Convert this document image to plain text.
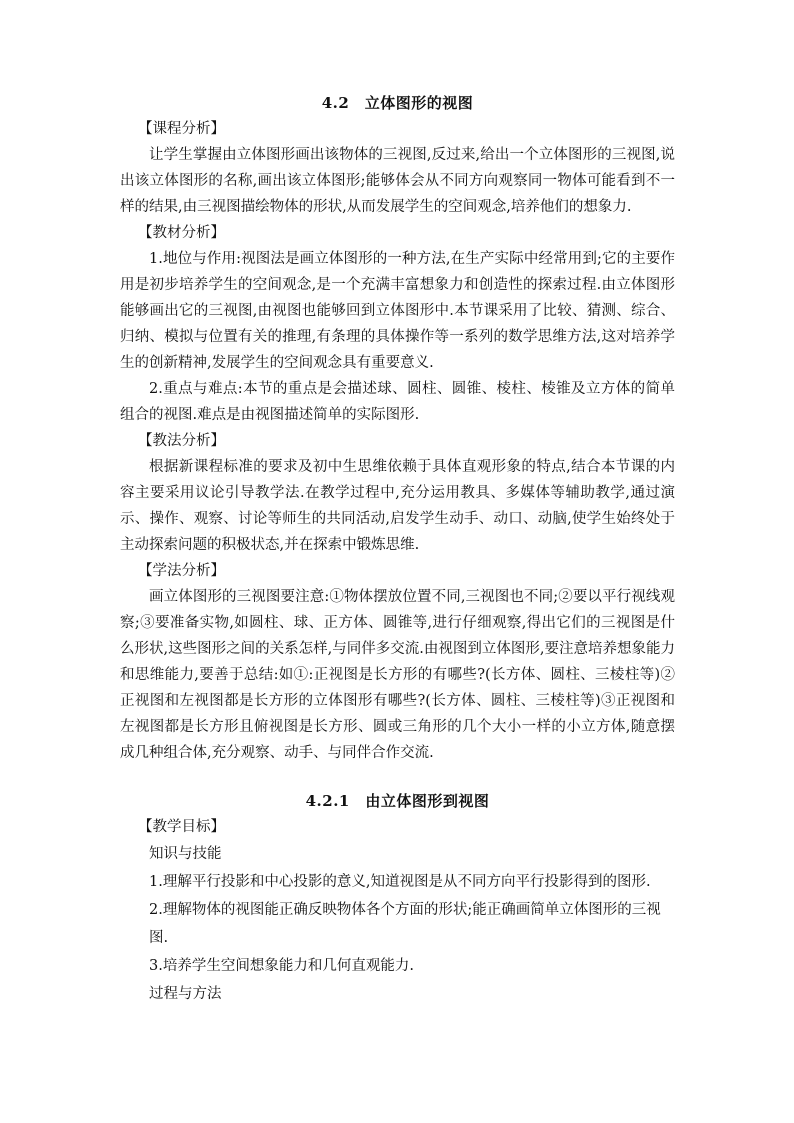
4.2　立体图形的视图

【课程分析】

让学生掌握由立体图形画出该物体的三视图,反过来,给出一个立体图形的三视图,说出该立体图形的名称,画出该立体图形;能够体会从不同方向观察同一物体可能看到不一样的结果,由三视图描绘物体的形状,从而发展学生的空间观念,培养他们的想象力.

【教材分析】

1.地位与作用:视图法是画立体图形的一种方法,在生产实际中经常用到;它的主要作用是初步培养学生的空间观念,是一个充满丰富想象力和创造性的探索过程.由立体图形能够画出它的三视图,由视图也能够回到立体图形中.本节课采用了比较、猜测、综合、归纳、模拟与位置有关的推理,有条理的具体操作等一系列的数学思维方法,这对培养学生的创新精神,发展学生的空间观念具有重要意义.

2.重点与难点:本节的重点是会描述球、圆柱、圆锥、棱柱、棱锥及立方体的简单组合的视图.难点是由视图描述简单的实际图形.

【教法分析】

根据新课程标准的要求及初中生思维依赖于具体直观形象的特点,结合本节课的内容主要采用议论引导教学法.在教学过程中,充分运用教具、多媒体等辅助教学,通过演示、操作、观察、讨论等师生的共同活动,启发学生动手、动口、动脑,使学生始终处于主动探索问题的积极状态,并在探索中锻炼思维.

【学法分析】

画立体图形的三视图要注意:①物体摆放位置不同,三视图也不同;②要以平行视线观察;③要准备实物,如圆柱、球、正方体、圆锥等,进行仔细观察,得出它们的三视图是什么形状,这些图形之间的关系怎样,与同伴多交流.由视图到立体图形,要注意培养想象能力和思维能力,要善于总结:如①:正视图是长方形的有哪些?(长方体、圆柱、三棱柱等)②正视图和左视图都是长方形的立体图形有哪些?(长方体、圆柱、三棱柱等)③正视图和左视图都是长方形且俯视图是长方形、圆或三角形的几个大小一样的小立方体,随意摆成几种组合体,充分观察、动手、与同伴合作交流.

4.2.1　由立体图形到视图

【教学目标】

知识与技能

1.理解平行投影和中心投影的意义,知道视图是从不同方向平行投影得到的图形.

2.理解物体的视图能正确反映物体各个方面的形状;能正确画简单立体图形的三视图.

3.培养学生空间想象能力和几何直观能力.

过程与方法
